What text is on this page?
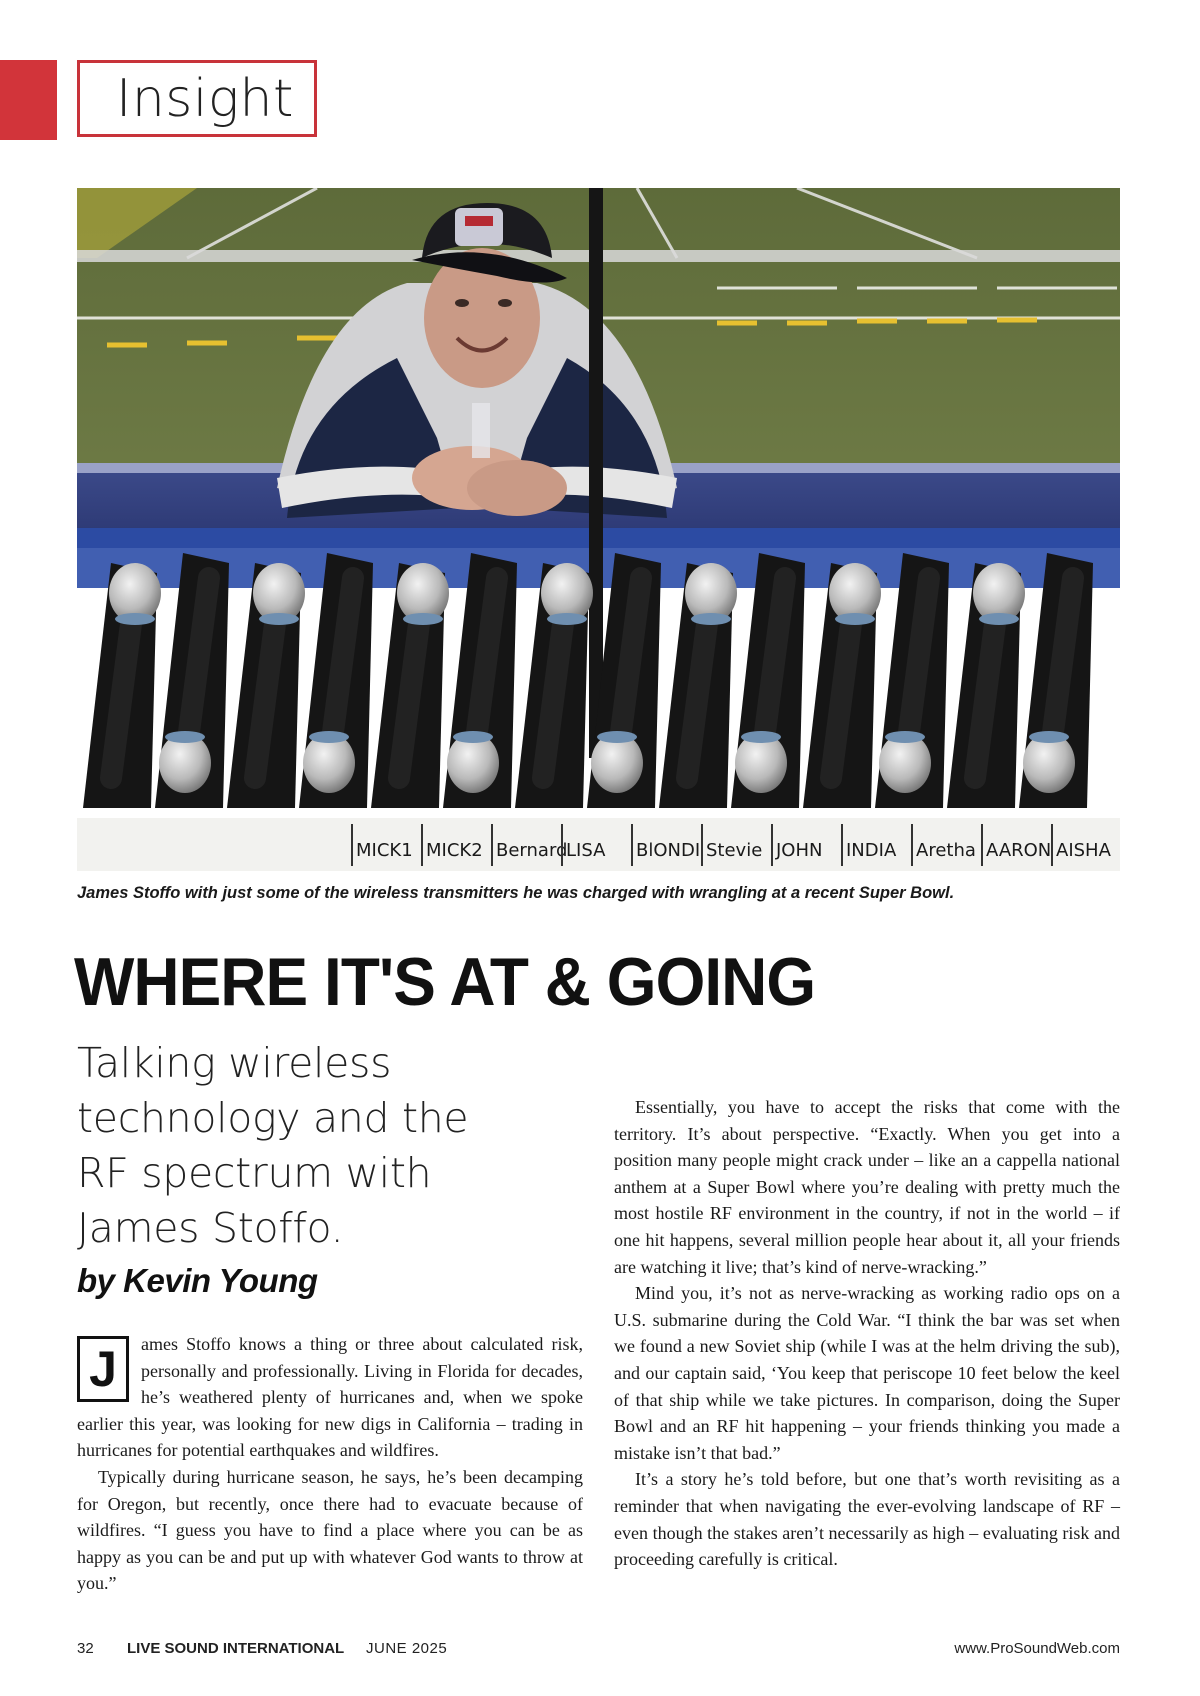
Insight
MICK1 MICK2 Bernard
LISA BlONDI Stevie JOHN INDIA Aretha AARON AISHA
James Stoffo with just some of the wireless transmitters he was charged with wrangling at a recent Super Bowl.
WHERE IT'S AT & GOING
Talking wireless technology and the RF spectrum with James Stoffo.
by Kevin Young

J	ames Stoffo knows a thing or three about calculated risk, personally and professionally. Living in Florida for decades, he’s weathered plenty of hurricanes and, when we spoke earlier this year, was looking for new digs in California – trading in hurricanes for potential earthquakes and wildfires.

Typically during hurricane season, he says, he’s been decamping for Oregon, but recently, once there had to evacuate because of wildfires. “I guess you have to find a place where you can be as happy as you can be and put up with whatever God wants to throw at you.”

Essentially, you have to accept the risks that come with the territory. It’s about perspective. “Exactly. When you get into a position many people might crack under – like an a cappella national anthem at a Super Bowl where you’re dealing with pretty much the most hostile RF environment in the country, if not in the world – if one hit happens, several million people hear about it, all your friends are watching it live; that’s kind of nerve-wracking.”

Mind you, it’s not as nerve-wracking as working radio ops on a U.S. submarine during the Cold War. “I think the bar was set when we found a new Soviet ship (while I was at the helm driving the sub), and our captain said, ‘You keep that periscope 10 feet below the keel of that ship while we take pictures. In comparison, doing the Super Bowl and an RF hit happening – your friends thinking you made a mistake isn’t that bad.”

It’s a story he’s told before, but one that’s worth revisiting as a reminder that when navigating the ever-evolving landscape of RF – even though the stakes aren’t necessarily as high – evaluating risk and proceeding carefully is critical.

32 LIVE SOUND INTERNATIONAL JUNE 2025	www.ProSoundWeb.com
